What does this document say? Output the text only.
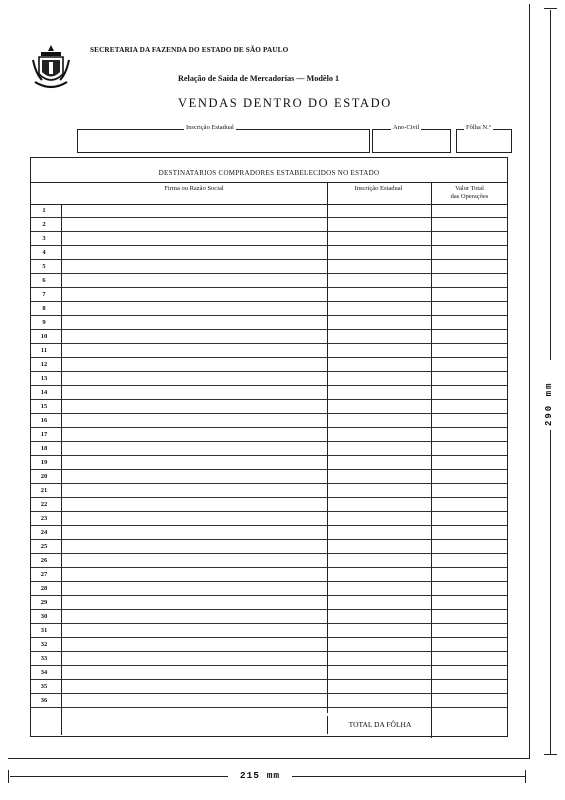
SECRETARIA DA FAZENDA DO ESTADO DE SÃO PAULO
Relação de Saída de Mercadorias — Modêlo 1
VENDAS DENTRO DO ESTADO
Inscrição Estadual	Ano-Civil	Fôlha N.º
DESTINATARIOS COMPRADORES ESTABELECIDOS NO ESTADO
Firma ou Razão Social	Inscrição Estadual	Valor Total
das Operações
1
2
3
4
5
6
7
8
9
10
11
12
13
14
15
16
17
18
19
20
21
22
23
24
25
26
27
28
29
30
31
32
33
34
35
36
TOTAL DA FÔLHA
290 mm
215 mm
